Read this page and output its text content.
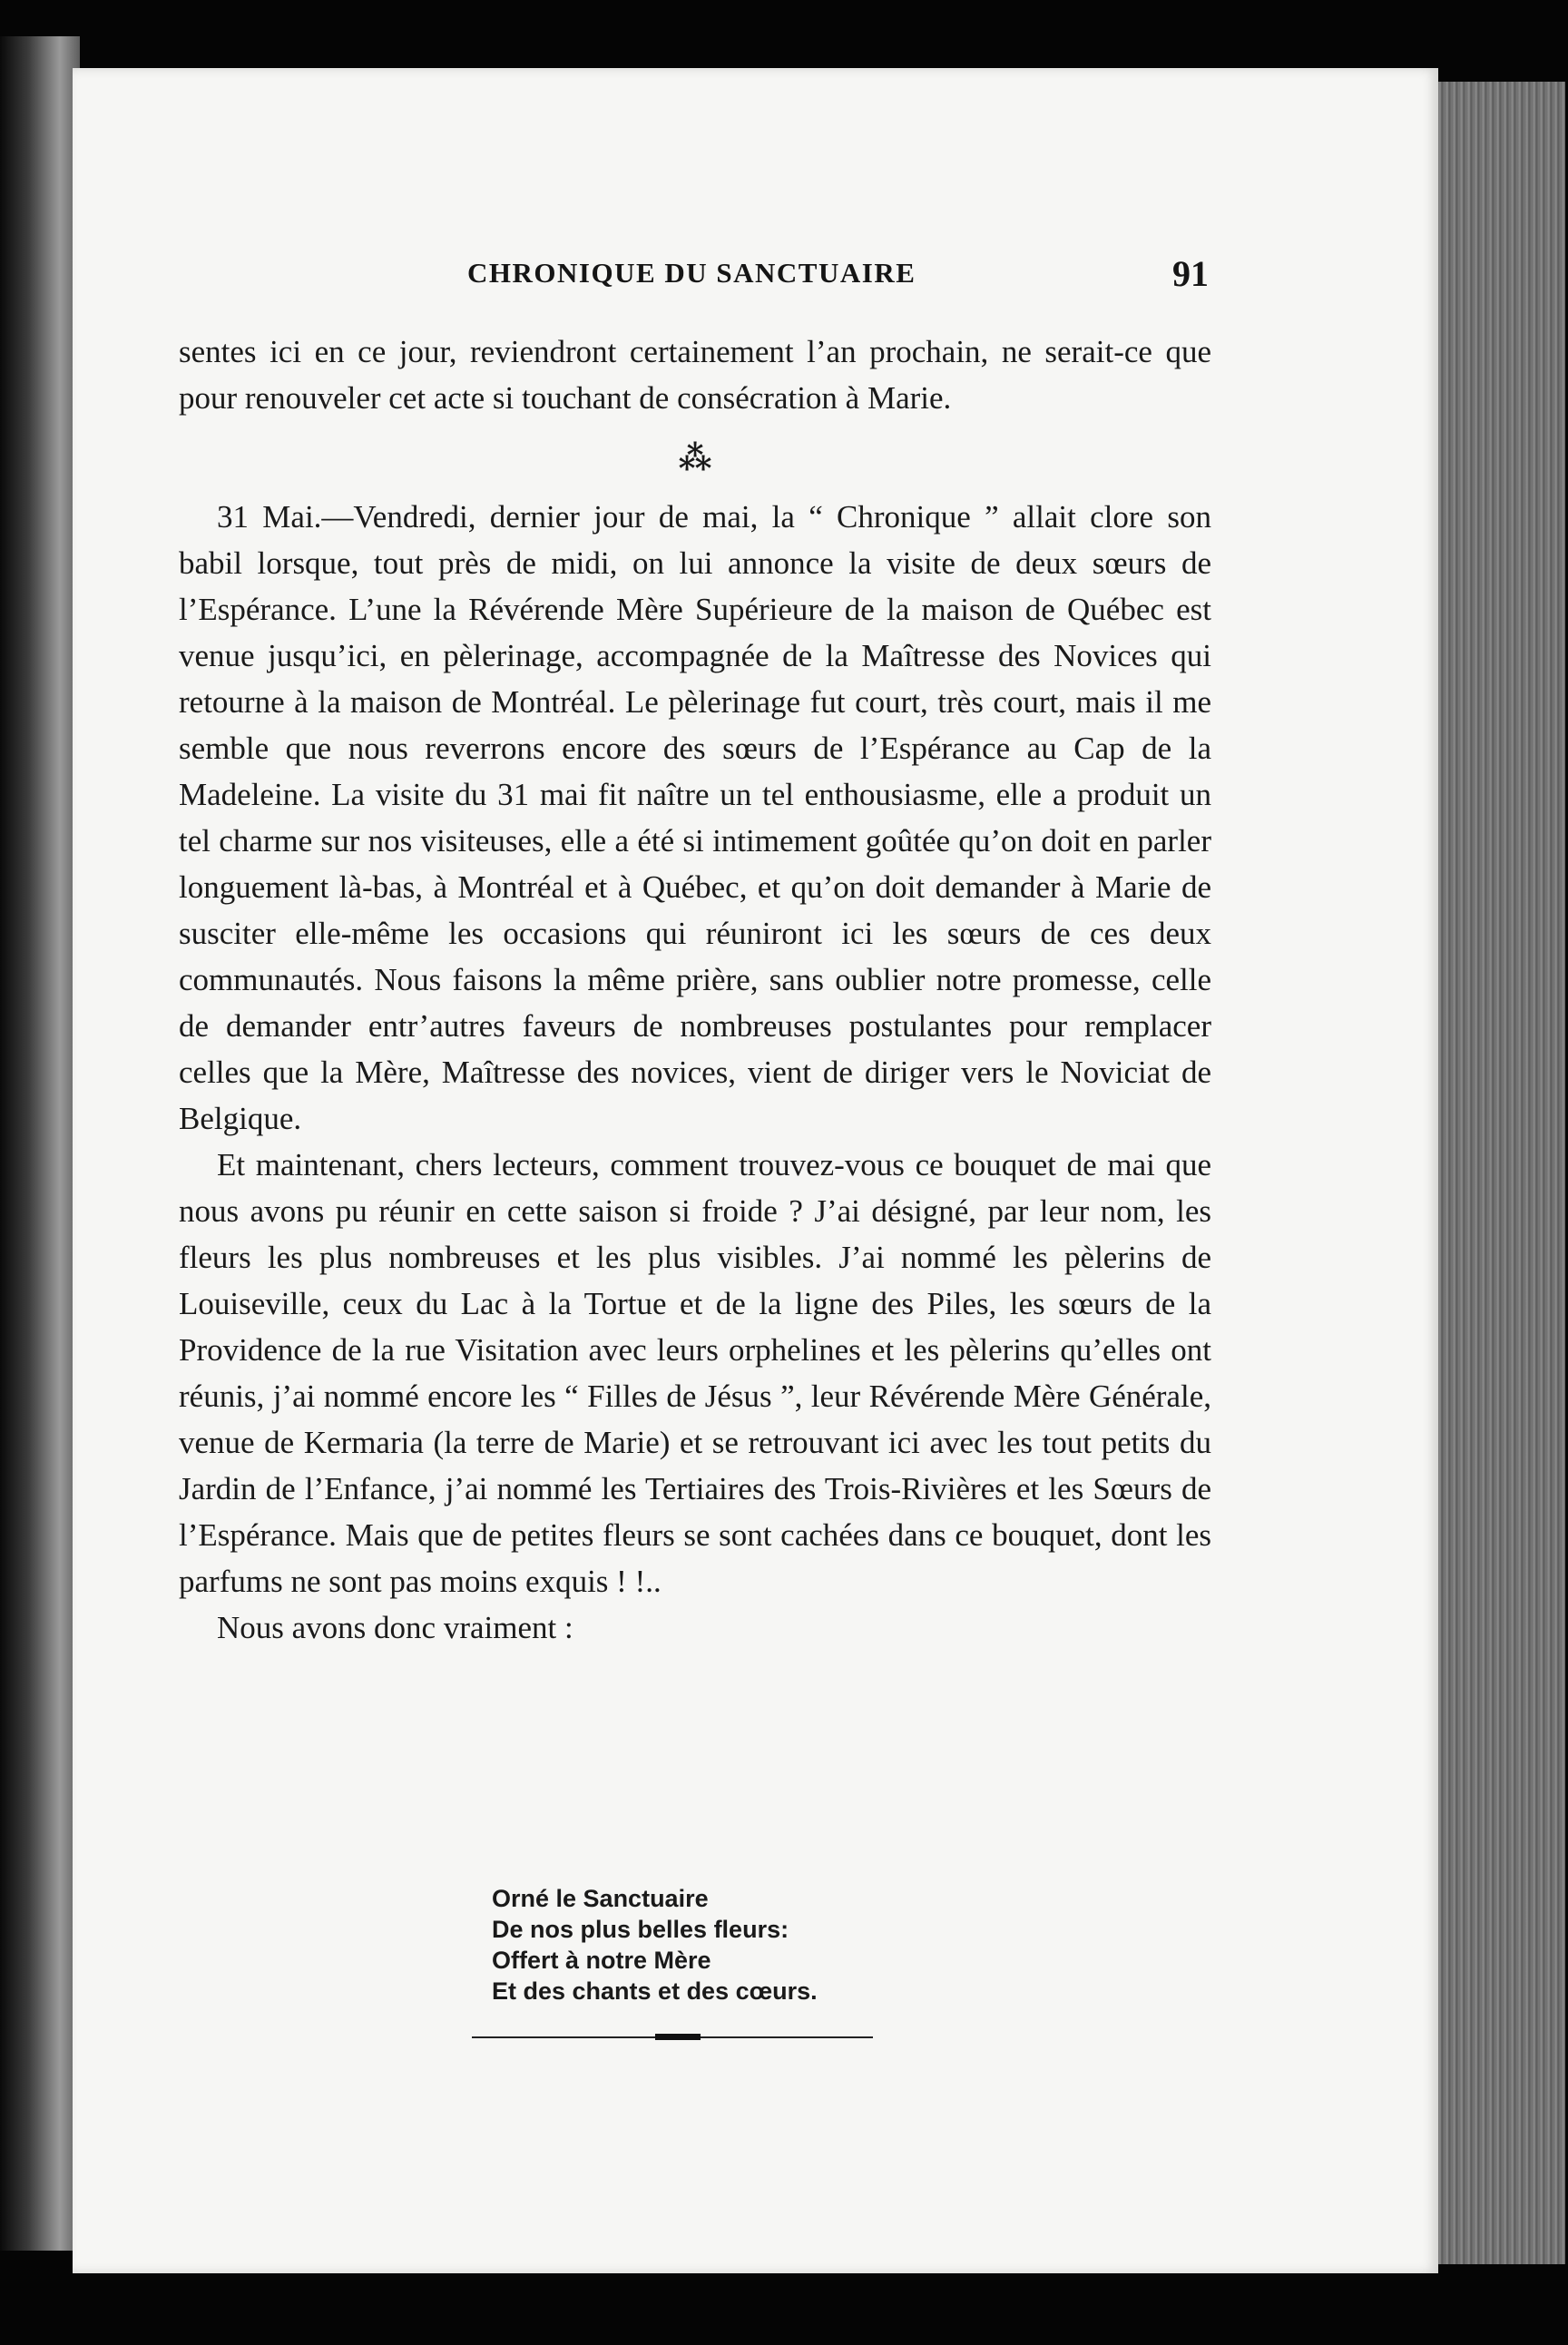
CHRONIQUE DU SANCTUAIRE	91

sentes ici en ce jour, reviendront certainement l’an prochain, ne serait-ce que pour renouveler cet acte si touchant de consécration à Marie.

⁂

31 Mai.—Vendredi, dernier jour de mai, la “ Chronique ” allait clore son babil lorsque, tout près de midi, on lui annonce la visite de deux sœurs de l’Espérance. L’une la Révérende Mère Supérieure de la maison de Québec est venue jusqu’ici, en pèlerinage, accompagnée de la Maîtresse des Novices qui retourne à la maison de Montréal. Le pèlerinage fut court, très court, mais il me semble que nous reverrons encore des sœurs de l’Espérance au Cap de la Madeleine. La visite du 31 mai fit naître un tel enthousiasme, elle a produit un tel charme sur nos visiteuses, elle a été si intimement goûtée qu’on doit en parler longuement là-bas, à Montréal et à Québec, et qu’on doit demander à Marie de susciter elle-même les occasions qui réuniront ici les sœurs de ces deux communautés. Nous faisons la même prière, sans oublier notre promesse, celle de demander entr’autres faveurs de nombreuses postulantes pour remplacer celles que la Mère, Maîtresse des novices, vient de diriger vers le Noviciat de Belgique.

Et maintenant, chers lecteurs, comment trouvez-vous ce bouquet de mai que nous avons pu réunir en cette saison si froide ? J’ai désigné, par leur nom, les fleurs les plus nombreuses et les plus visibles. J’ai nommé les pèlerins de Louiseville, ceux du Lac à la Tortue et de la ligne des Piles, les sœurs de la Providence de la rue Visitation avec leurs orphelines et les pèlerins qu’elles ont réunis, j’ai nommé encore les “ Filles de Jésus ”, leur Révérende Mère Générale, venue de Kermaria (la terre de Marie) et se retrouvant ici avec les tout petits du Jardin de l’Enfance, j’ai nommé les Tertiaires des Trois-Rivières et les Sœurs de l’Espérance. Mais que de petites fleurs se sont cachées dans ce bouquet, dont les parfums ne sont pas moins exquis ! !..

Nous avons donc vraiment :

Orné le Sanctuaire
De nos plus belles fleurs:
Offert à notre Mère
Et des chants et des cœurs.
